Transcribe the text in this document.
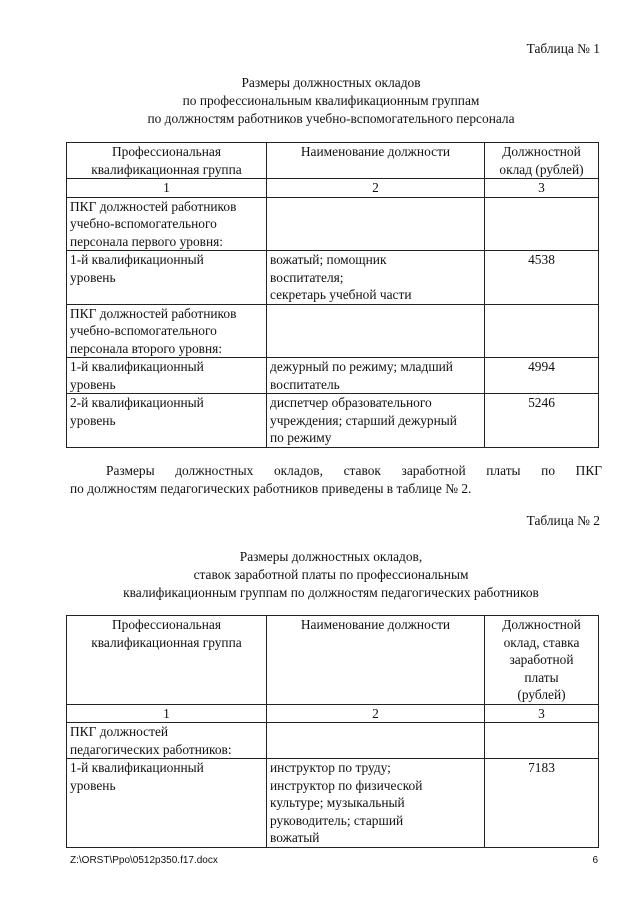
Таблица № 1
Размеры должностных окладов
по профессиональным квалификационным группам
по должностям работников учебно-вспомогательного персонала
Профессиональная
квалификационная группа	Наименование должности	Должностной
оклад (рублей)
1	2	3
ПКГ должностей работников
учебно-вспомогательного
персонала первого уровня:		
1-й квалификационный
уровень	вожатый; помощник
воспитателя;
секретарь учебной части	4538
ПКГ должностей работников
учебно-вспомогательного
персонала второго уровня:		
1-й квалификационный
уровень	дежурный по режиму; младший
воспитатель	4994
2-й квалификационный
уровень	диспетчер образовательного
учреждения; старший дежурный
по режиму	5246
Размеры должностных окладов, ставок заработной платы по ПКГ
по должностям педагогических работников приведены в таблице № 2.
Таблица № 2
Размеры должностных окладов,
ставок заработной платы по профессиональным
квалификационным группам по должностям педагогических работников
Профессиональная
квалификационная группа	Наименование должности	Должностной
оклад, ставка
заработной
платы
(рублей)
1	2	3
ПКГ должностей
педагогических работников:		
1-й квалификационный
уровень	инструктор по труду;
инструктор по физической
культуре; музыкальный
руководитель; старший
вожатый	7183
Z:\ORST\Ppo\0512p350.f17.docx	6
